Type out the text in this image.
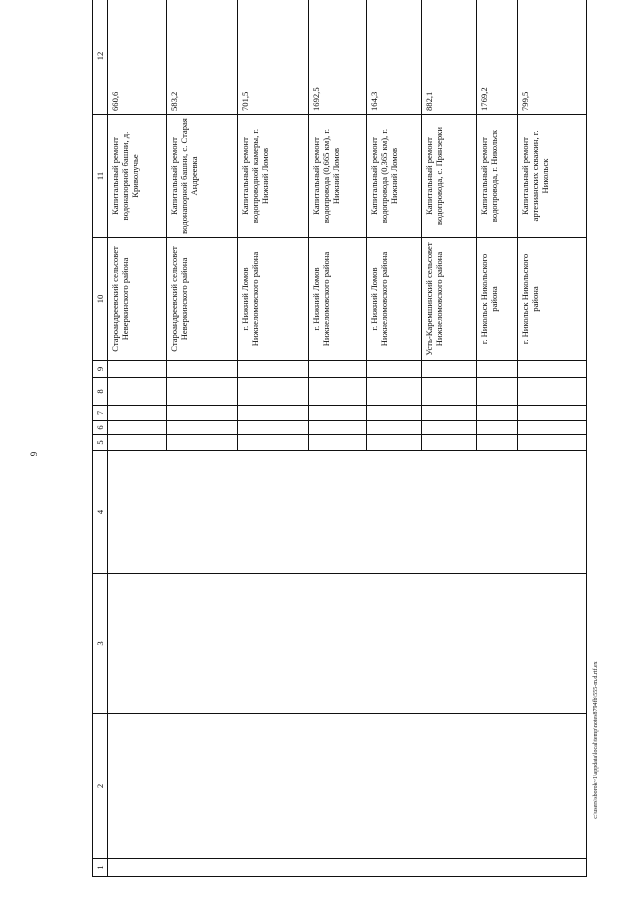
9
1	2	3	4	5	6	7	8	9	10	11	12
									Староандреевский сельсовет Неверкинского района	Капитальный ремонт водонапорной башни, д. Криволучье	660,6
									Староандреевский сельсовет Неверкинского района	Капитальный ремонт водонапорной башни, с. Старая Андреевка	583,2
									г. Нижний Ломов Нижнеломовского района	Капитальный ремонт водопроводной камеры, г. Нижний Ломов	701,5
									г. Нижний Ломов Нижнеломовского района	Капитальный ремонт водопровода (0,665 км), г. Нижний Ломов	1692,5
									г. Нижний Ломов Нижнеломовского района	Капитальный ремонт водопровода (0,365 км), г. Нижний Ломов	164,3
									Усть-Каремшинский сельсовет Нижнеломовского района	Капитальный ремонт водопровода, с. Прянзерки	882,1
									г. Никольск Никольского района	Капитальный ремонт водопровода, г. Никольск	1769,2
									г. Никольск Никольского района	Капитальный ремонт артезианских скважин, г. Никольск	799,5
c:\users\sborok~1\appdata\local\temp\notes8794fb\555-m.d.rtf.ex
